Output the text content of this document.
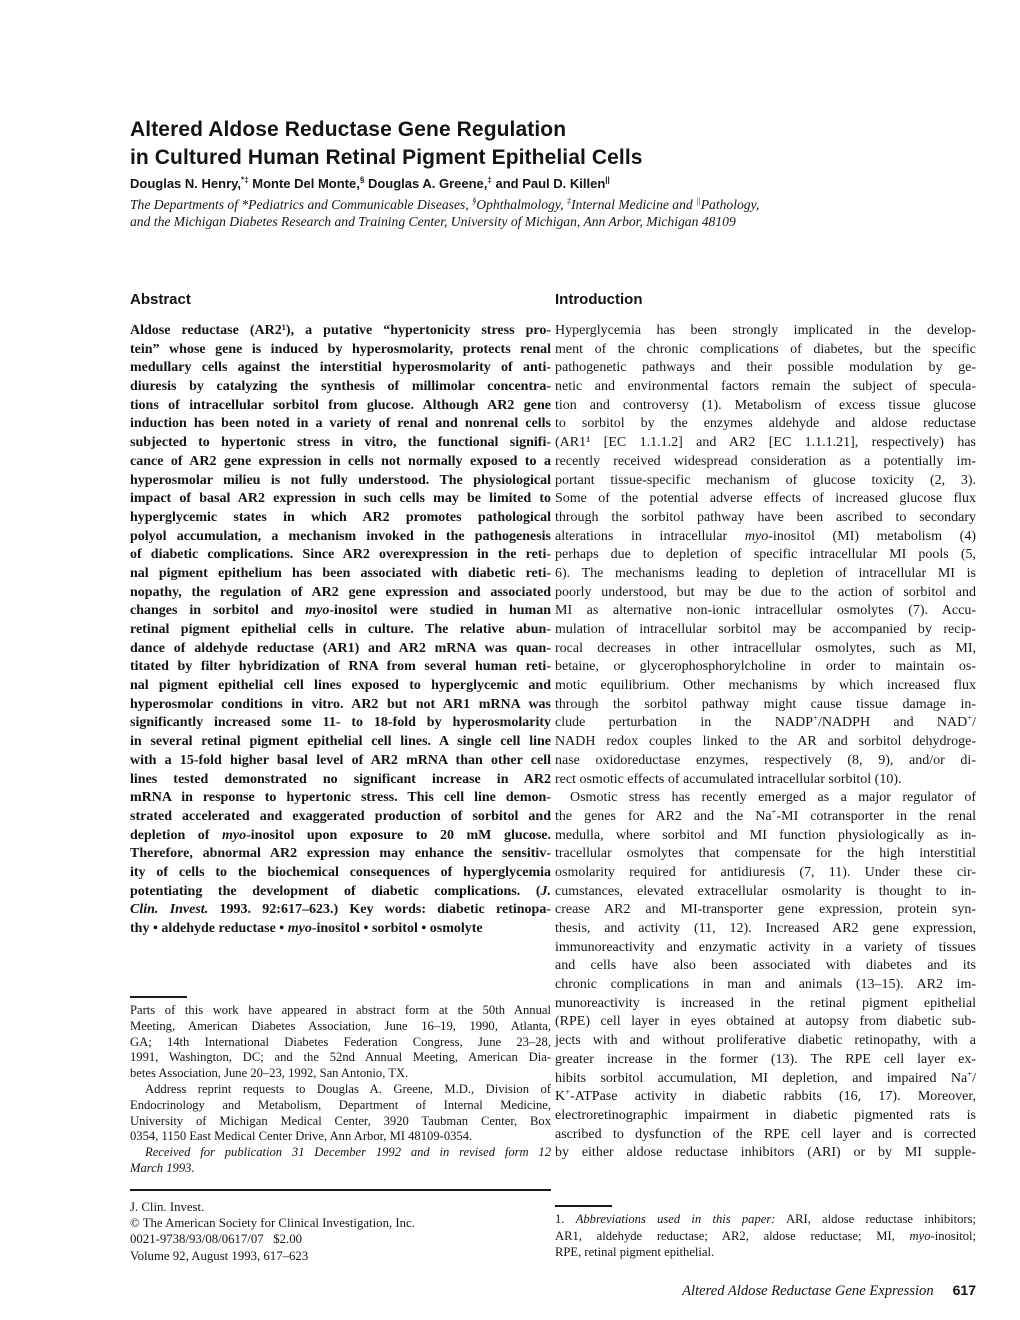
Altered Aldose Reductase Gene Regulation
in Cultured Human Retinal Pigment Epithelial Cells
Douglas N. Henry,*‡ Monte Del Monte,§ Douglas A. Greene,‡ and Paul D. Killen||
The Departments of *Pediatrics and Communicable Diseases, §Ophthalmology, ‡Internal Medicine and ||Pathology,
and the Michigan Diabetes Research and Training Center, University of Michigan, Ann Arbor, Michigan 48109
Abstract	Introduction
Aldose reductase (AR2¹), a putative “hypertonicity stress pro-
tein” whose gene is induced by hyperosmolarity, protects renal
medullary cells against the interstitial hyperosmolarity of anti-
diuresis by catalyzing the synthesis of millimolar concentra-
tions of intracellular sorbitol from glucose. Although AR2 gene
induction has been noted in a variety of renal and nonrenal cells
subjected to hypertonic stress in vitro, the functional signifi-
cance of AR2 gene expression in cells not normally exposed to a
hyperosmolar milieu is not fully understood. The physiological
impact of basal AR2 expression in such cells may be limited to
hyperglycemic states in which AR2 promotes pathological
polyol accumulation, a mechanism invoked in the pathogenesis
of diabetic complications. Since AR2 overexpression in the reti-
nal pigment epithelium has been associated with diabetic reti-
nopathy, the regulation of AR2 gene expression and associated
changes in sorbitol and myo-inositol were studied in human
retinal pigment epithelial cells in culture. The relative abun-
dance of aldehyde reductase (AR1) and AR2 mRNA was quan-
titated by filter hybridization of RNA from several human reti-
nal pigment epithelial cell lines exposed to hyperglycemic and
hyperosmolar conditions in vitro. AR2 but not AR1 mRNA was
significantly increased some 11- to 18-fold by hyperosmolarity
in several retinal pigment epithelial cell lines. A single cell line
with a 15-fold higher basal level of AR2 mRNA than other cell
lines tested demonstrated no significant increase in AR2
mRNA in response to hypertonic stress. This cell line demon-
strated accelerated and exaggerated production of sorbitol and
depletion of myo-inositol upon exposure to 20 mM glucose.
Therefore, abnormal AR2 expression may enhance the sensitiv-
ity of cells to the biochemical consequences of hyperglycemia
potentiating the development of diabetic complications. (J.
Clin. Invest. 1993. 92:617–623.) Key words: diabetic retinopa-
thy • aldehyde reductase • myo-inositol • sorbitol • osmolyte
Hyperglycemia has been strongly implicated in the develop-
ment of the chronic complications of diabetes, but the specific
pathogenetic pathways and their possible modulation by ge-
netic and environmental factors remain the subject of specula-
tion and controversy (1). Metabolism of excess tissue glucose
to sorbitol by the enzymes aldehyde and aldose reductase
(AR1¹ [EC 1.1.1.2] and AR2 [EC 1.1.1.21], respectively) has
recently received widespread consideration as a potentially im-
portant tissue-specific mechanism of glucose toxicity (2, 3).
Some of the potential adverse effects of increased glucose flux
through the sorbitol pathway have been ascribed to secondary
alterations in intracellular myo-inositol (MI) metabolism (4)
perhaps due to depletion of specific intracellular MI pools (5,
6). The mechanisms leading to depletion of intracellular MI is
poorly understood, but may be due to the action of sorbitol and
MI as alternative non-ionic intracellular osmolytes (7). Accu-
mulation of intracellular sorbitol may be accompanied by recip-
rocal decreases in other intracellular osmolytes, such as MI,
betaine, or glycerophosphorylcholine in order to maintain os-
motic equilibrium. Other mechanisms by which increased flux
through the sorbitol pathway might cause tissue damage in-
clude perturbation in the NADP+/NADPH and NAD+/
NADH redox couples linked to the AR and sorbitol dehydroge-
nase oxidoreductase enzymes, respectively (8, 9), and/or di-
rect osmotic effects of accumulated intracellular sorbitol (10).
Osmotic stress has recently emerged as a major regulator of
the genes for AR2 and the Na+-MI cotransporter in the renal
medulla, where sorbitol and MI function physiologically as in-
tracellular osmolytes that compensate for the high interstitial
osmolarity required for antidiuresis (7, 11). Under these cir-
cumstances, elevated extracellular osmolarity is thought to in-
crease AR2 and MI-transporter gene expression, protein syn-
thesis, and activity (11, 12). Increased AR2 gene expression,
immunoreactivity and enzymatic activity in a variety of tissues
and cells have also been associated with diabetes and its
chronic complications in man and animals (13–15). AR2 im-
munoreactivity is increased in the retinal pigment epithelial
(RPE) cell layer in eyes obtained at autopsy from diabetic sub-
jects with and without proliferative diabetic retinopathy, with a
greater increase in the former (13). The RPE cell layer ex-
hibits sorbitol accumulation, MI depletion, and impaired Na+/
K+-ATPase activity in diabetic rabbits (16, 17). Moreover,
electroretinographic impairment in diabetic pigmented rats is
ascribed to dysfunction of the RPE cell layer and is corrected
by either aldose reductase inhibitors (ARI) or by MI supple-
Parts of this work have appeared in abstract form at the 50th Annual
Meeting, American Diabetes Association, June 16–19, 1990, Atlanta,
GA; 14th International Diabetes Federation Congress, June 23–28,
1991, Washington, DC; and the 52nd Annual Meeting, American Dia-
betes Association, June 20–23, 1992, San Antonio, TX.
Address reprint requests to Douglas A. Greene, M.D., Division of
Endocrinology and Metabolism, Department of Internal Medicine,
University of Michigan Medical Center, 3920 Taubman Center, Box
0354, 1150 East Medical Center Drive, Ann Arbor, MI 48109-0354.
Received for publication 31 December 1992 and in revised form 12
March 1993.
J. Clin. Invest.
© The American Society for Clinical Investigation, Inc.
0021-9738/93/08/0617/07   $2.00
Volume 92, August 1993, 617–623
1. Abbreviations used in this paper: ARI, aldose reductase inhibitors;
AR1, aldehyde reductase; AR2, aldose reductase; MI, myo-inositol;
RPE, retinal pigment epithelial.
Altered Aldose Reductase Gene Expression 617
